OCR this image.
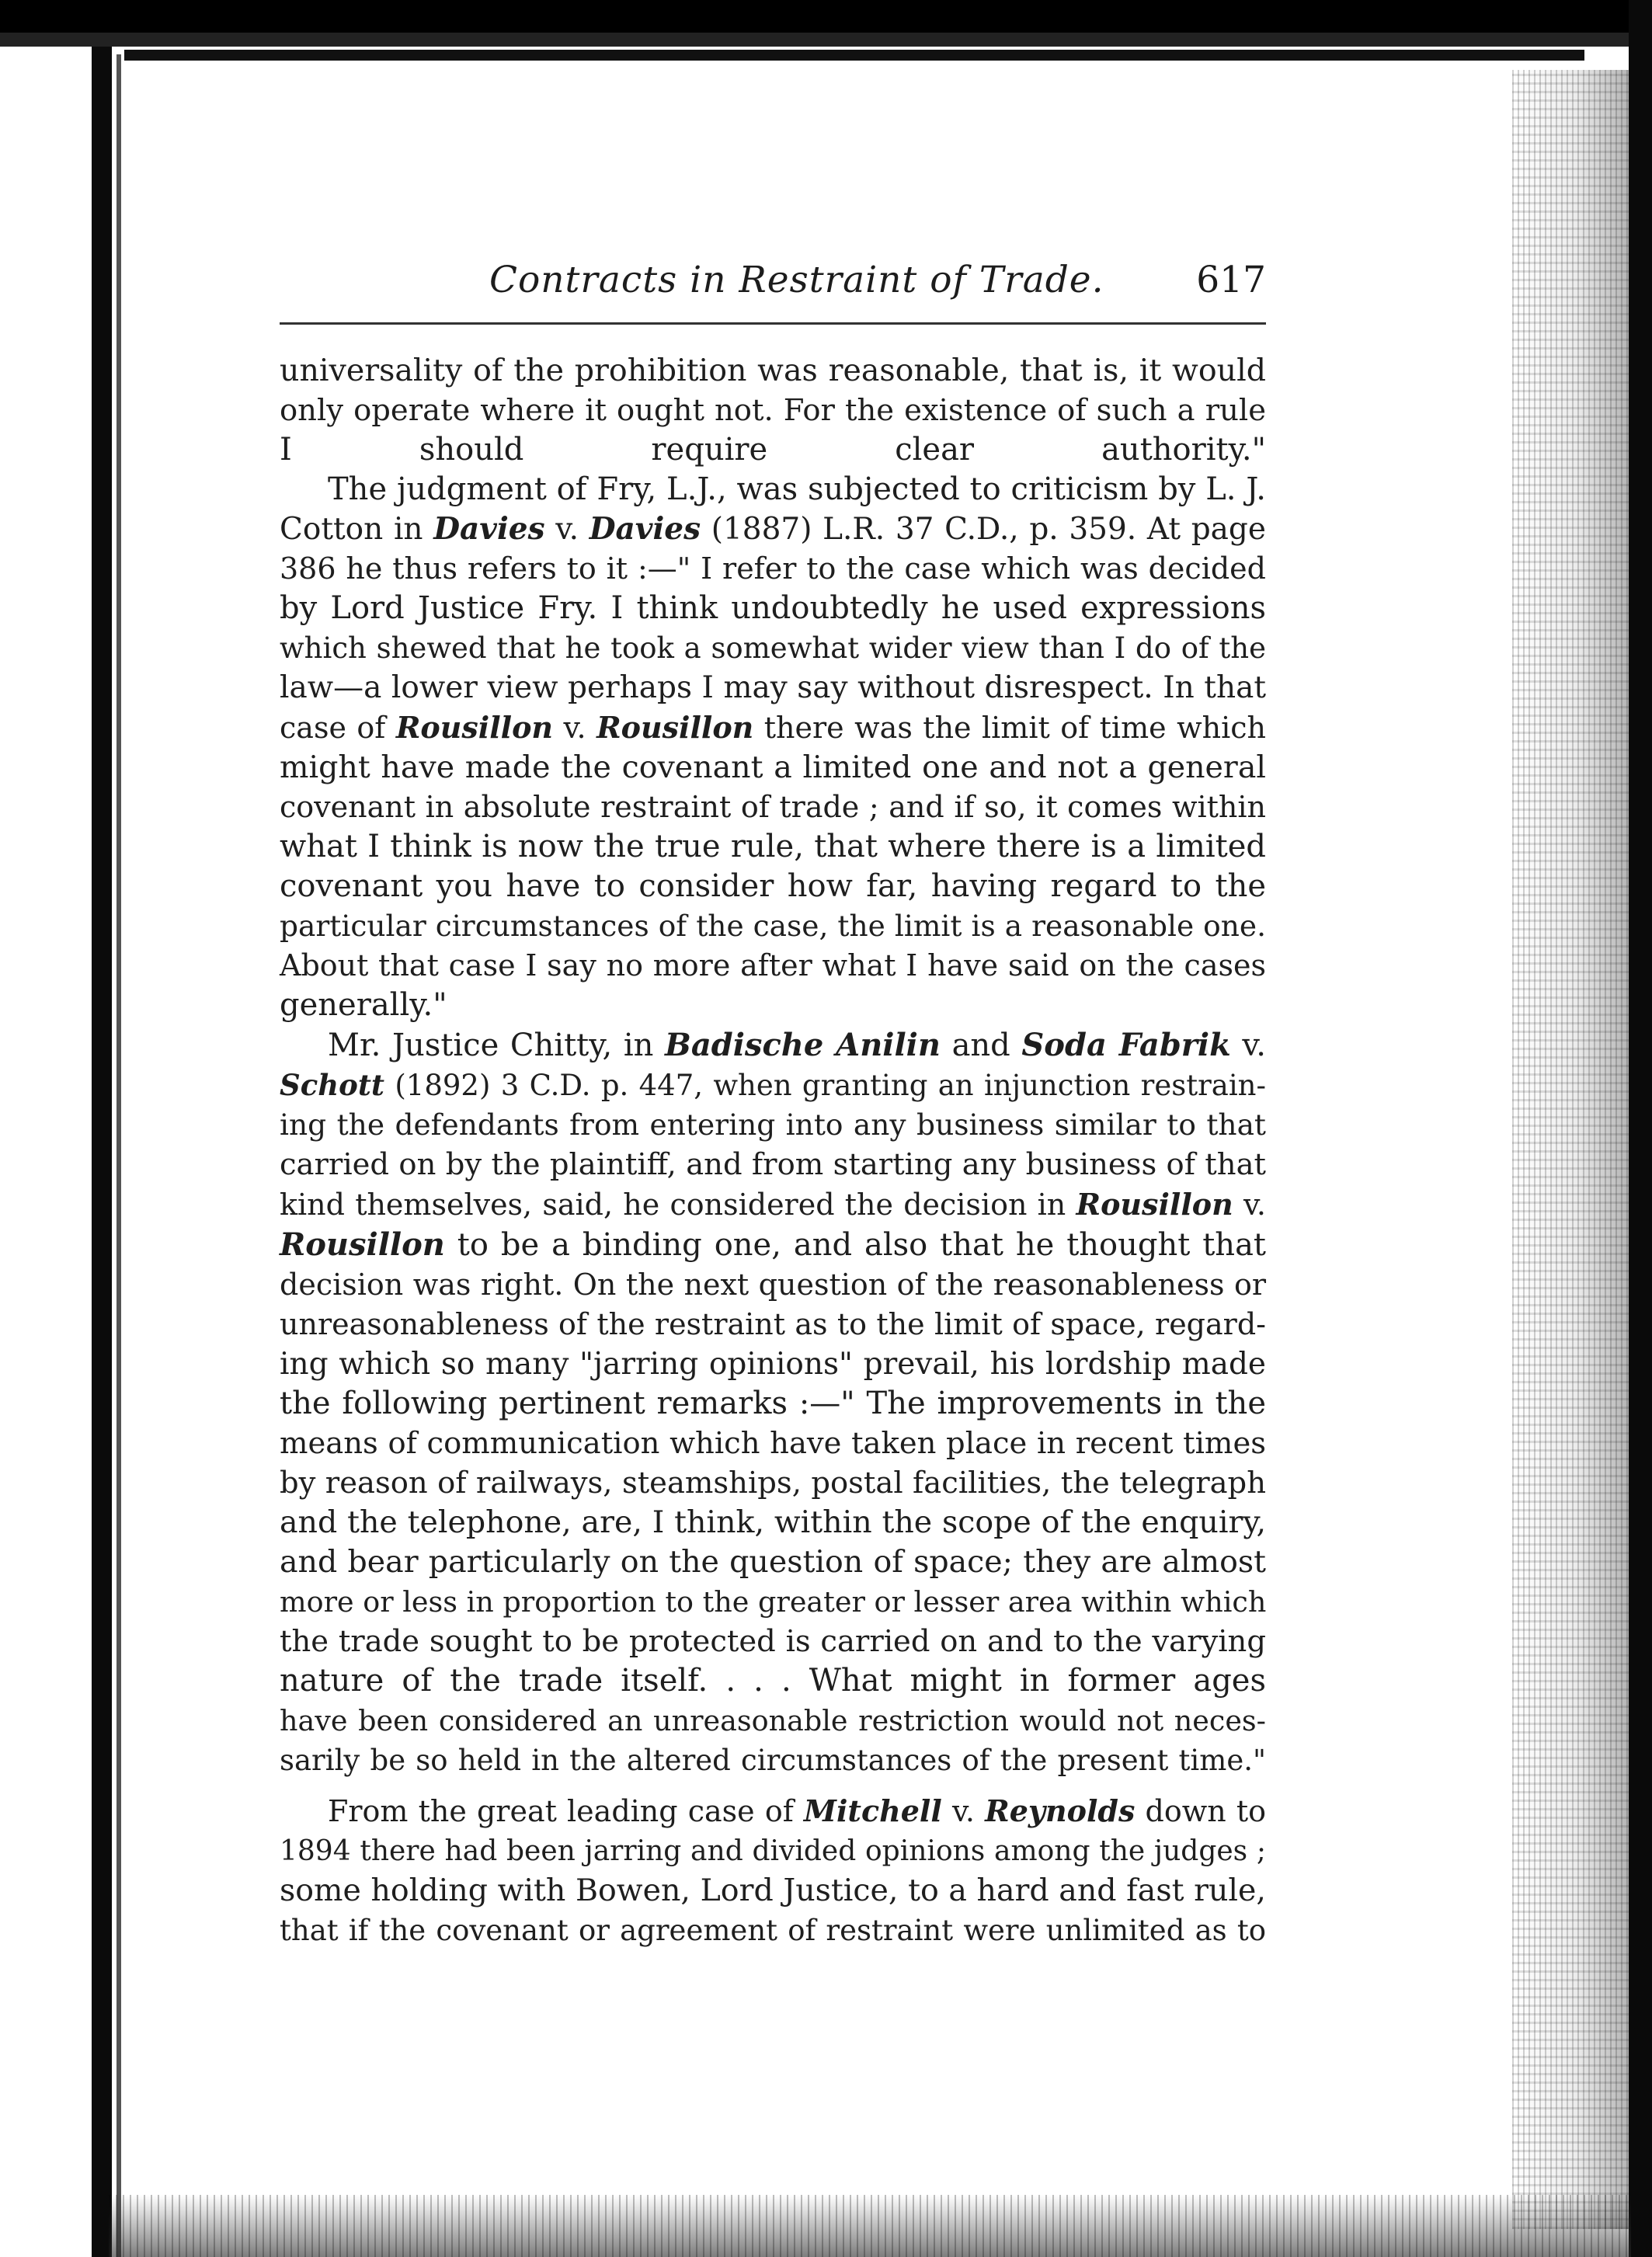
Contracts in Restraint of Trade.	617

universality of the prohibition was reasonable, that is, it would
only operate where it ought not. For the existence of such a rule
I should require clear authority."

The judgment of Fry, L.J., was subjected to criticism by L. J.
Cotton in Davies v. Davies (1887) L.R. 37 C.D., p. 359. At page
386 he thus refers to it :—" I refer to the case which was decided
by Lord Justice Fry. I think undoubtedly he used expressions
which shewed that he took a somewhat wider view than I do of the
law—a lower view perhaps I may say without disrespect. In that
case of Rousillon v. Rousillon there was the limit of time which
might have made the covenant a limited one and not a general
covenant in absolute restraint of trade ; and if so, it comes within
what I think is now the true rule, that where there is a limited
covenant you have to consider how far, having regard to the
particular circumstances of the case, the limit is a reasonable one.
About that case I say no more after what I have said on the cases
generally."

Mr. Justice Chitty, in Badische Anilin and Soda Fabrik v.
Schott (1892) 3 C.D. p. 447, when granting an injunction restrain-
ing the defendants from entering into any business similar to that
carried on by the plaintiff, and from starting any business of that
kind themselves, said, he considered the decision in Rousillon v.
Rousillon to be a binding one, and also that he thought that
decision was right. On the next question of the reasonableness or
unreasonableness of the restraint as to the limit of space, regard-
ing which so many "jarring opinions" prevail, his lordship made
the following pertinent remarks :—" The improvements in the
means of communication which have taken place in recent times
by reason of railways, steamships, postal facilities, the telegraph
and the telephone, are, I think, within the scope of the enquiry,
and bear particularly on the question of space; they are almost
more or less in proportion to the greater or lesser area within which
the trade sought to be protected is carried on and to the varying
nature of the trade itself. . . . What might in former ages
have been considered an unreasonable restriction would not neces-
sarily be so held in the altered circumstances of the present time."

From the great leading case of Mitchell v. Reynolds down to
1894 there had been jarring and divided opinions among the judges ;
some holding with Bowen, Lord Justice, to a hard and fast rule,
that if the covenant or agreement of restraint were unlimited as to
